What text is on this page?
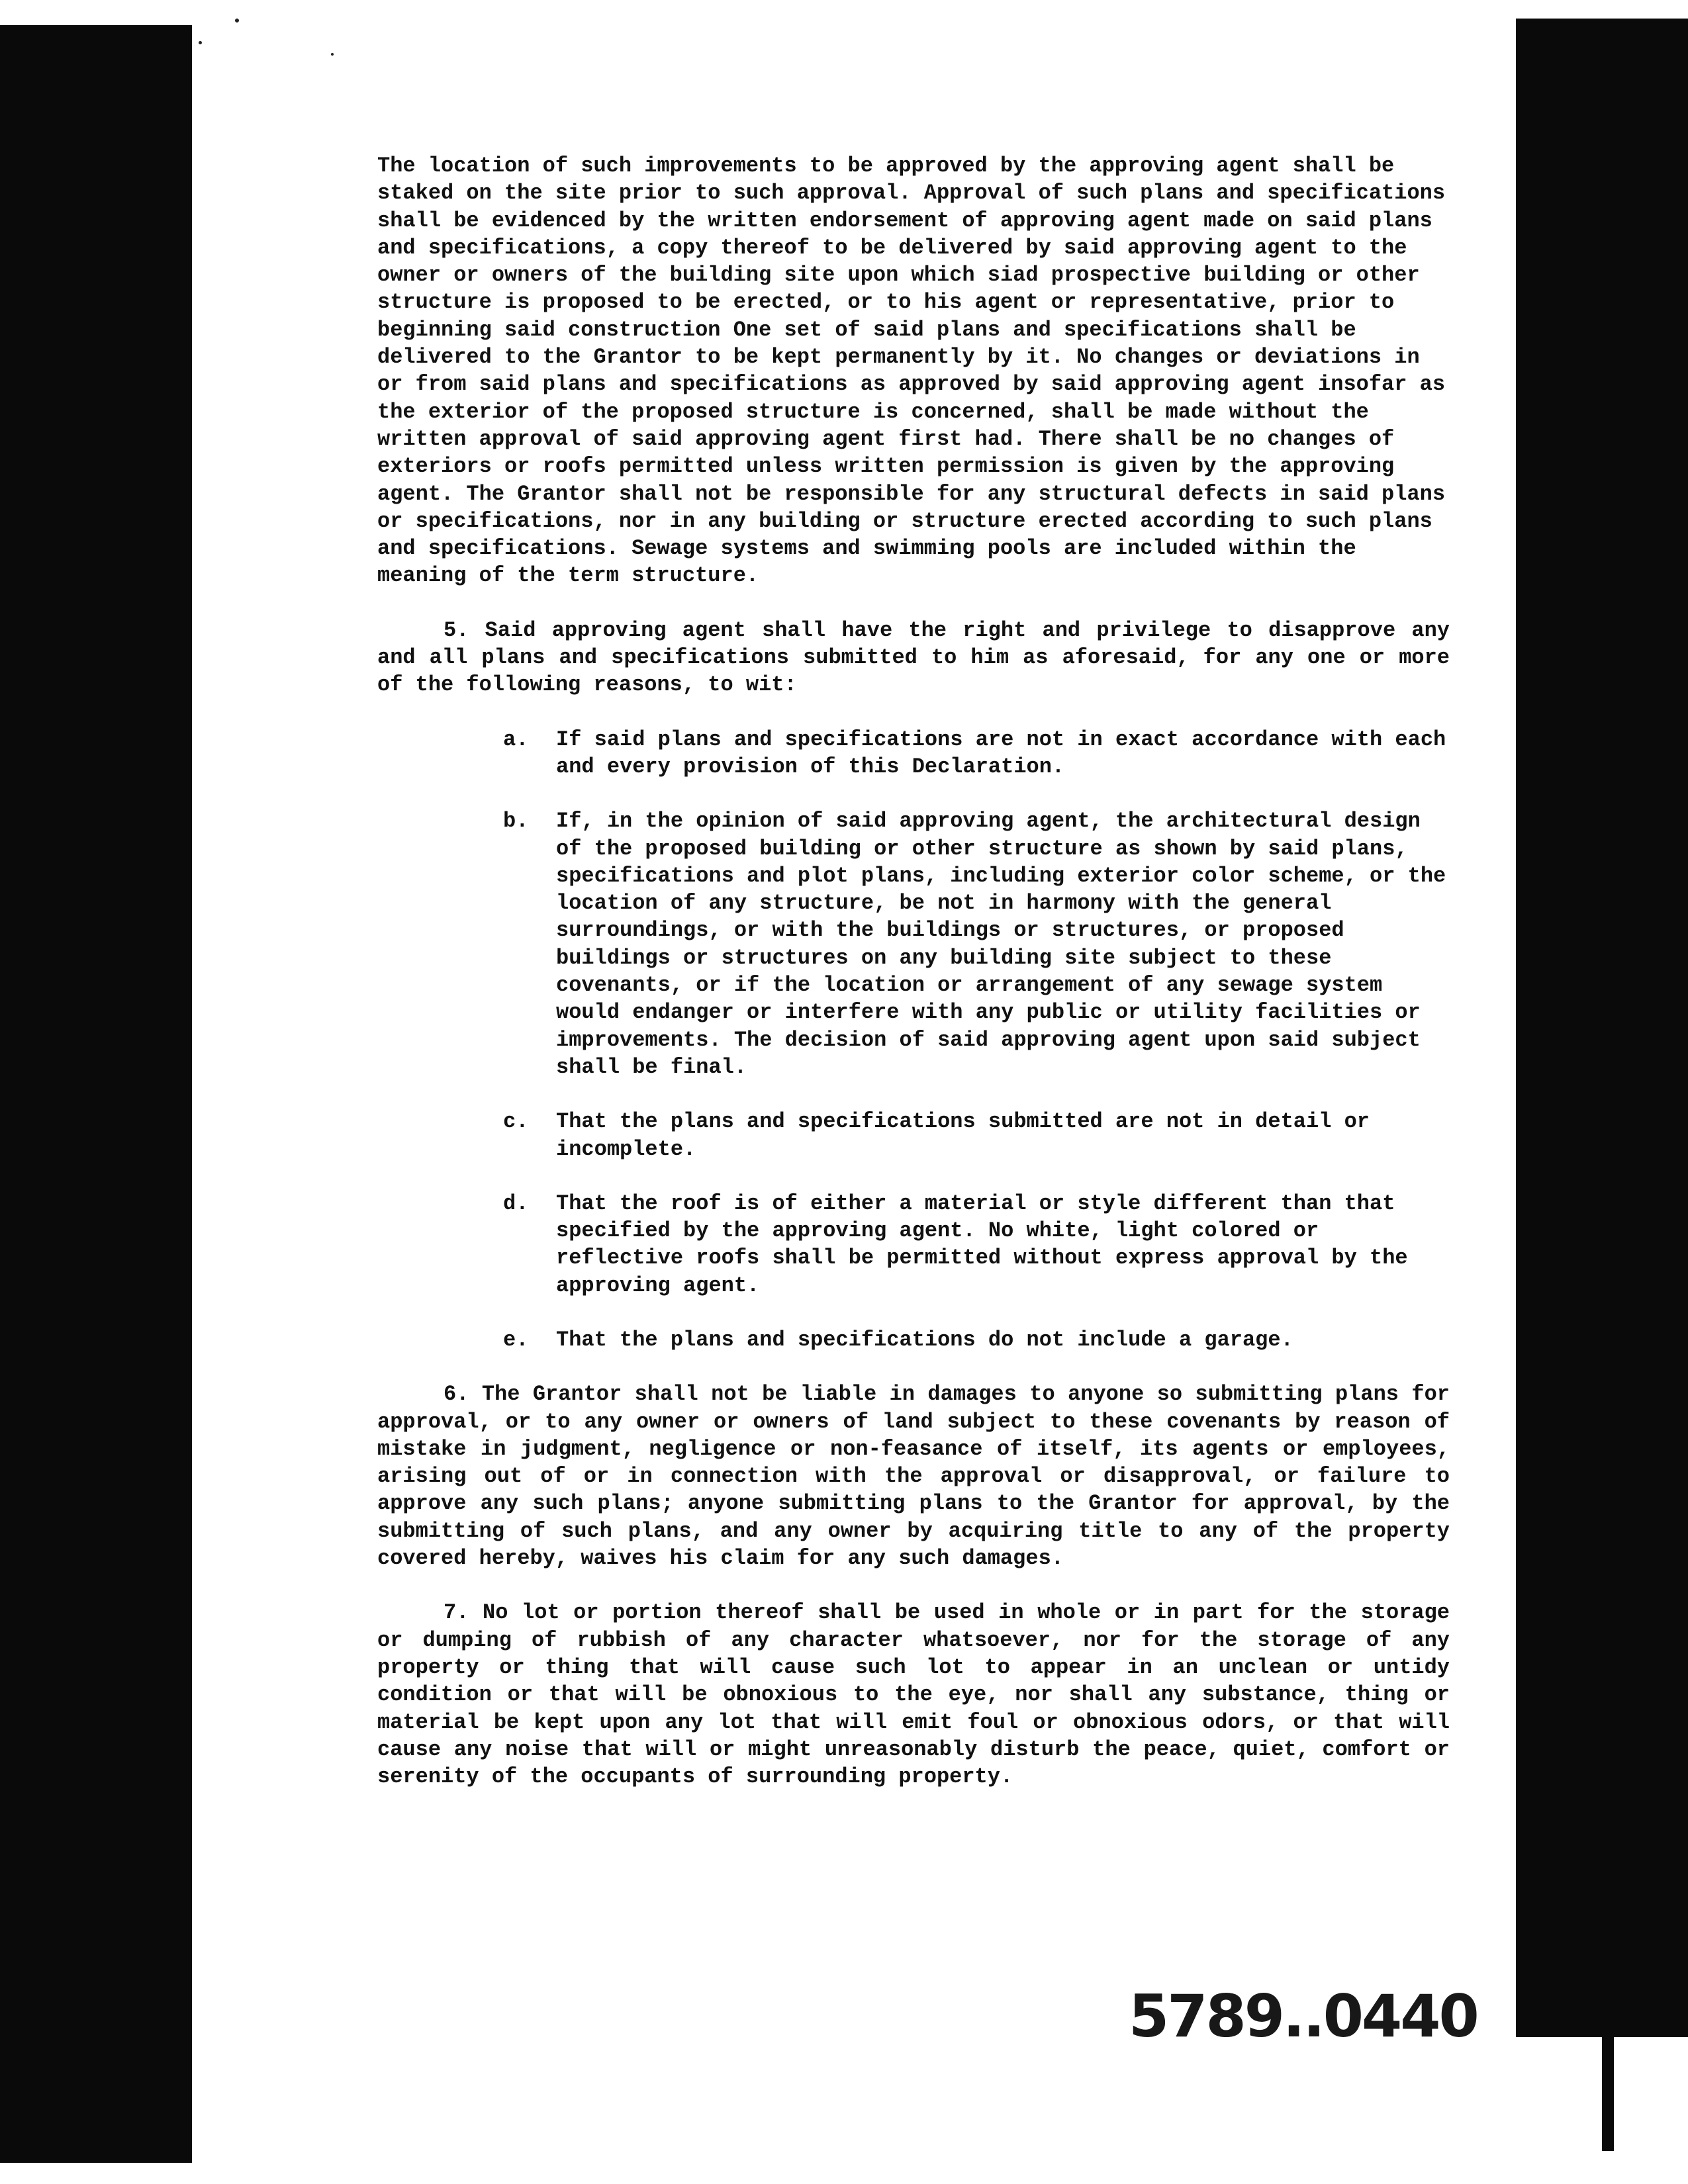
The location of such improvements to be approved by the approving agent shall be staked on the site prior to such approval. Approval of such plans and specifications shall be evidenced by the written endorsement of approving agent made on said plans and specifications, a copy thereof to be delivered by said approving agent to the owner or owners of the building site upon which siad prospective building or other structure is proposed to be erected, or to his agent or representative, prior to beginning said construction One set of said plans and specifications shall be delivered to the Grantor to be kept permanently by it. No changes or deviations in or from said plans and specifications as approved by said approving agent insofar as the exterior of the proposed structure is concerned, shall be made without the written approval of said approving agent first had. There shall be no changes of exteriors or roofs permitted unless written permission is given by the approving agent. The Grantor shall not be responsible for any structural defects in said plans or specifications, nor in any building or structure erected according to such plans and specifications. Sewage systems and swimming pools are included within the meaning of the term structure.

5. Said approving agent shall have the right and privilege to disapprove any and all plans and specifications submitted to him as aforesaid, for any one or more of the following reasons, to wit:

a.	If said plans and specifications are not in exact accordance with each and every provision of this Declaration.
b.	If, in the opinion of said approving agent, the architectural design of the proposed building or other structure as shown by said plans, specifications and plot plans, including exterior color scheme, or the location of any structure, be not in harmony with the general surroundings, or with the buildings or structures, or proposed buildings or structures on any building site subject to these covenants, or if the location or arrangement of any sewage system would endanger or interfere with any public or utility facilities or improvements. The decision of said approving agent upon said subject shall be final.
c.	That the plans and specifications submitted are not in detail or incomplete.
d.	That the roof is of either a material or style different than that specified by the approving agent. No white, light colored or reflective roofs shall be permitted without express approval by the approving agent.
e.	That the plans and specifications do not include a garage.

6. The Grantor shall not be liable in damages to anyone so submitting plans for approval, or to any owner or owners of land subject to these covenants by reason of mistake in judgment, negligence or non-feasance of itself, its agents or employees, arising out of or in connection with the approval or disapproval, or failure to approve any such plans; anyone submitting plans to the Grantor for approval, by the submitting of such plans, and any owner by acquiring title to any of the property covered hereby, waives his claim for any such damages.

7. No lot or portion thereof shall be used in whole or in part for the storage or dumping of rubbish of any character whatsoever, nor for the storage of any property or thing that will cause such lot to appear in an unclean or untidy condition or that will be obnoxious to the eye, nor shall any substance, thing or material be kept upon any lot that will emit foul or obnoxious odors, or that will cause any noise that will or might unreasonably disturb the peace, quiet, comfort or serenity of the occupants of surrounding property.

5789..0440
